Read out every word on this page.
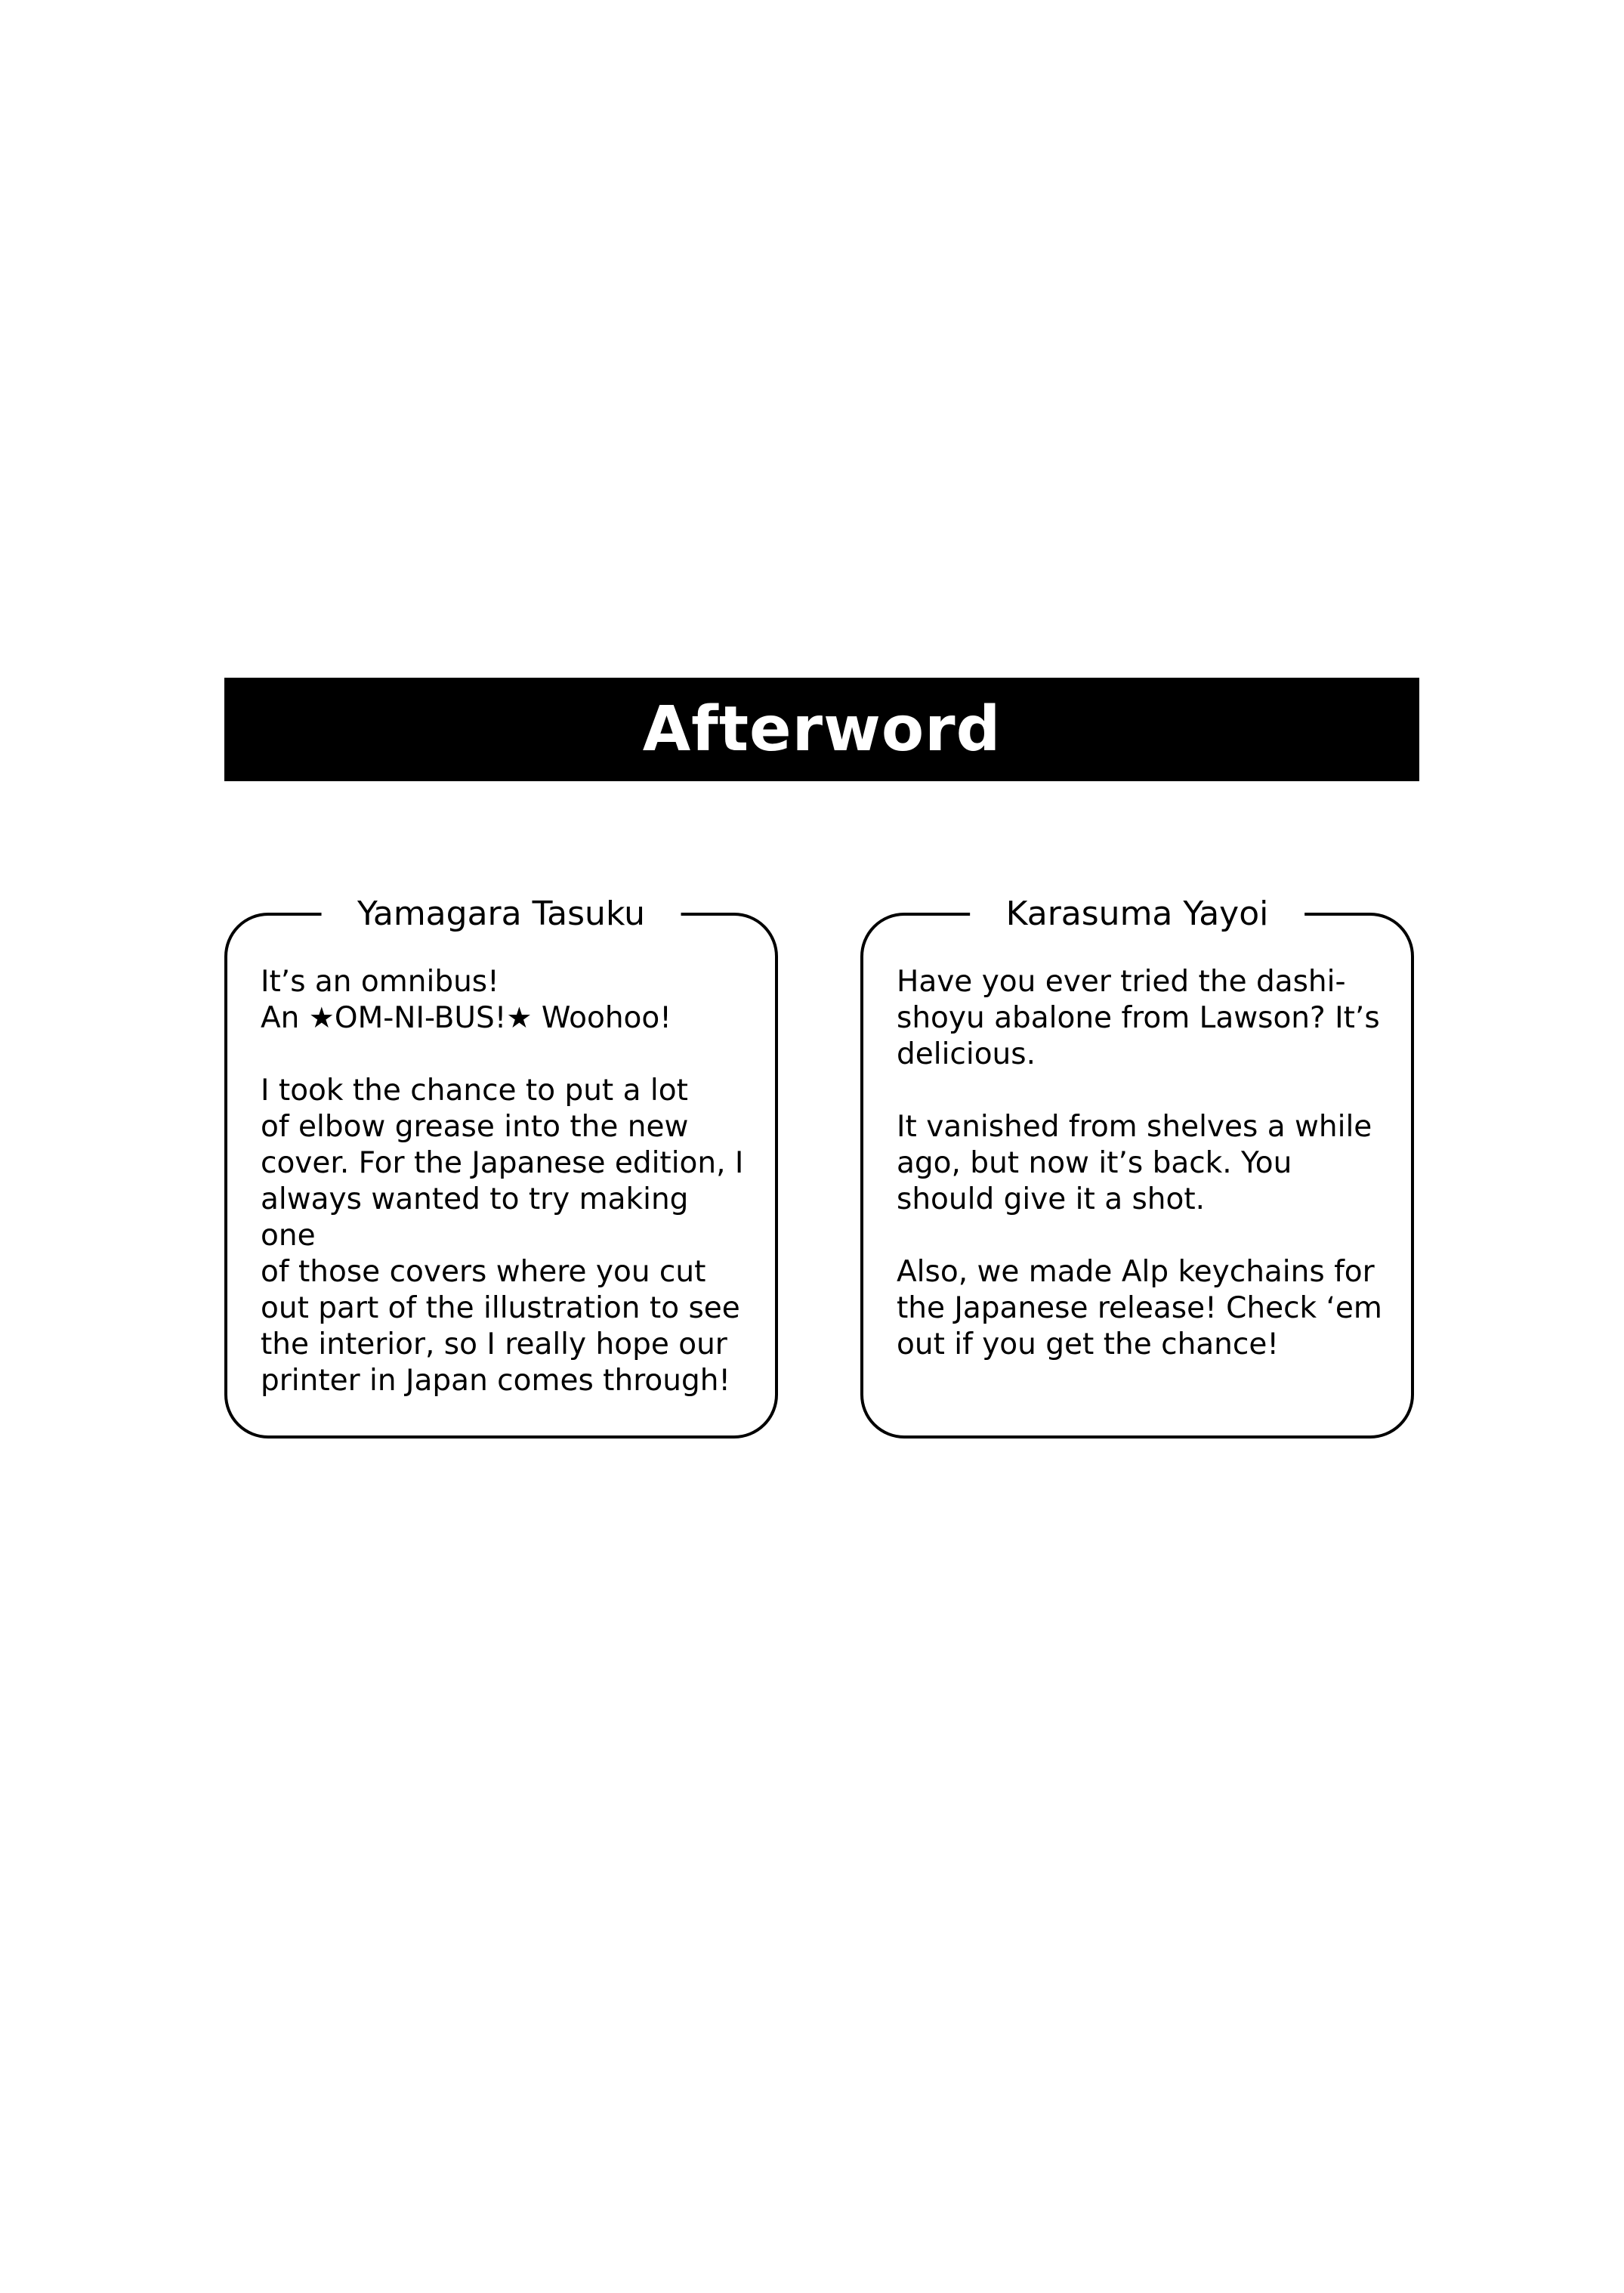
Afterword
Yamagara Tasuku
It’s an omnibus!
An ★OM-NI-BUS!★ Woohoo!
I took the chance to put a lot
of elbow grease into the new
cover. For the Japanese edition, I
always wanted to try making one
of those covers where you cut
out part of the illustration to see
the interior, so I really hope our
printer in Japan comes through!
Karasuma Yayoi
Have you ever tried the dashi-
shoyu abalone from Lawson? It’s
delicious.
It vanished from shelves a while
ago, but now it’s back. You
should give it a shot.
Also, we made Alp keychains for
the Japanese release! Check ‘em
out if you get the chance!
